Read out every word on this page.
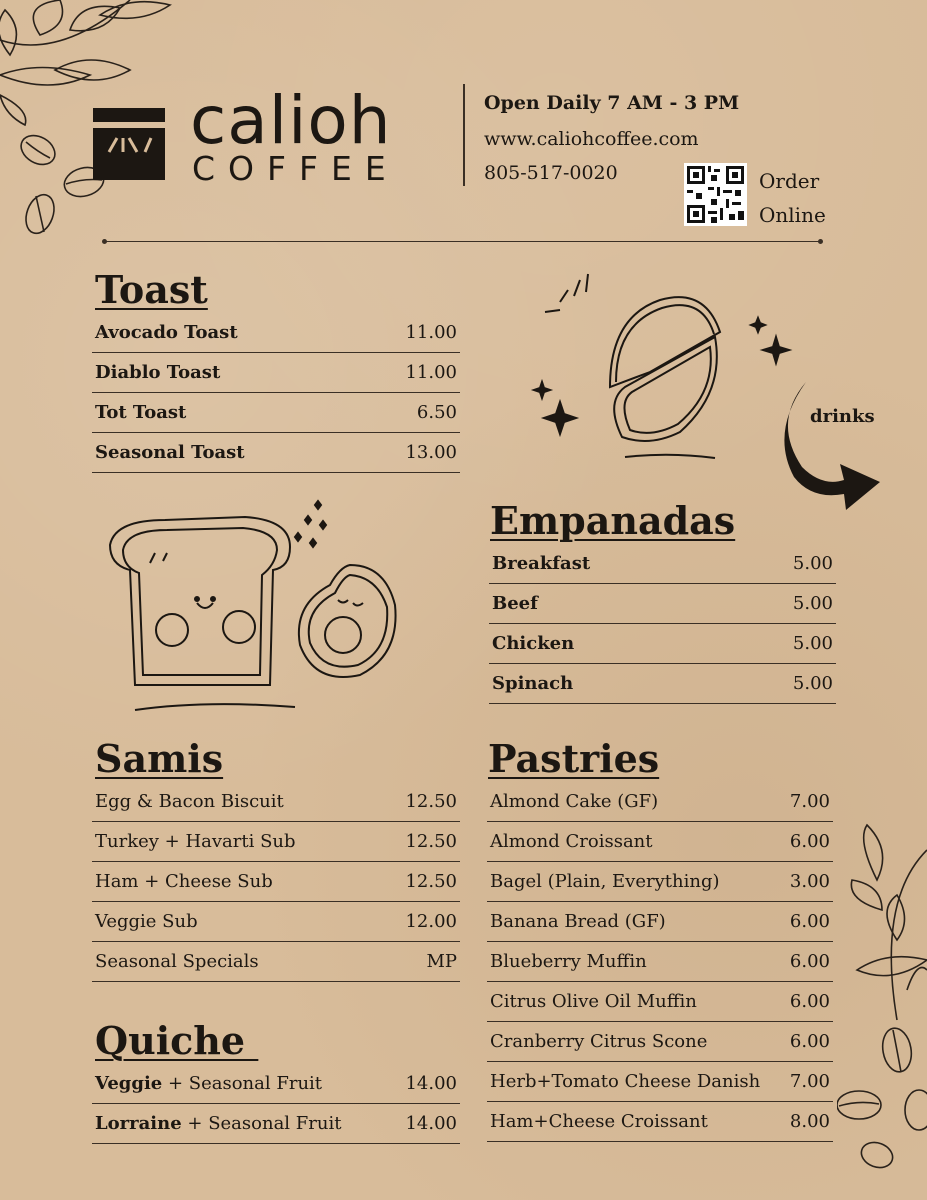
calioh
COFFEE
Open Daily 7 AM - 3 PM
www.caliohcoffee.com
805-517-0020	Order
Online
Toast
Avocado Toast	11.00
Diablo Toast	11.00
Tot Toast	6.50
Seasonal Toast	13.00
drinks
Empanadas
Breakfast	5.00
Beef	5.00
Chicken	5.00
Spinach	5.00
Samis
Egg & Bacon Biscuit	12.50
Turkey + Havarti Sub	12.50
Ham + Cheese Sub	12.50
Veggie Sub	12.00
Seasonal Specials	MP
Quiche
Veggie + Seasonal Fruit	14.00
Lorraine + Seasonal Fruit	14.00
Pastries
Almond Cake (GF)	7.00
Almond Croissant	6.00
Bagel (Plain, Everything)	3.00
Banana Bread (GF)	6.00
Blueberry Muffin	6.00
Citrus Olive Oil Muffin	6.00
Cranberry Citrus Scone	6.00
Herb+Tomato Cheese Danish 7.00
Ham+Cheese Croissant	8.00
